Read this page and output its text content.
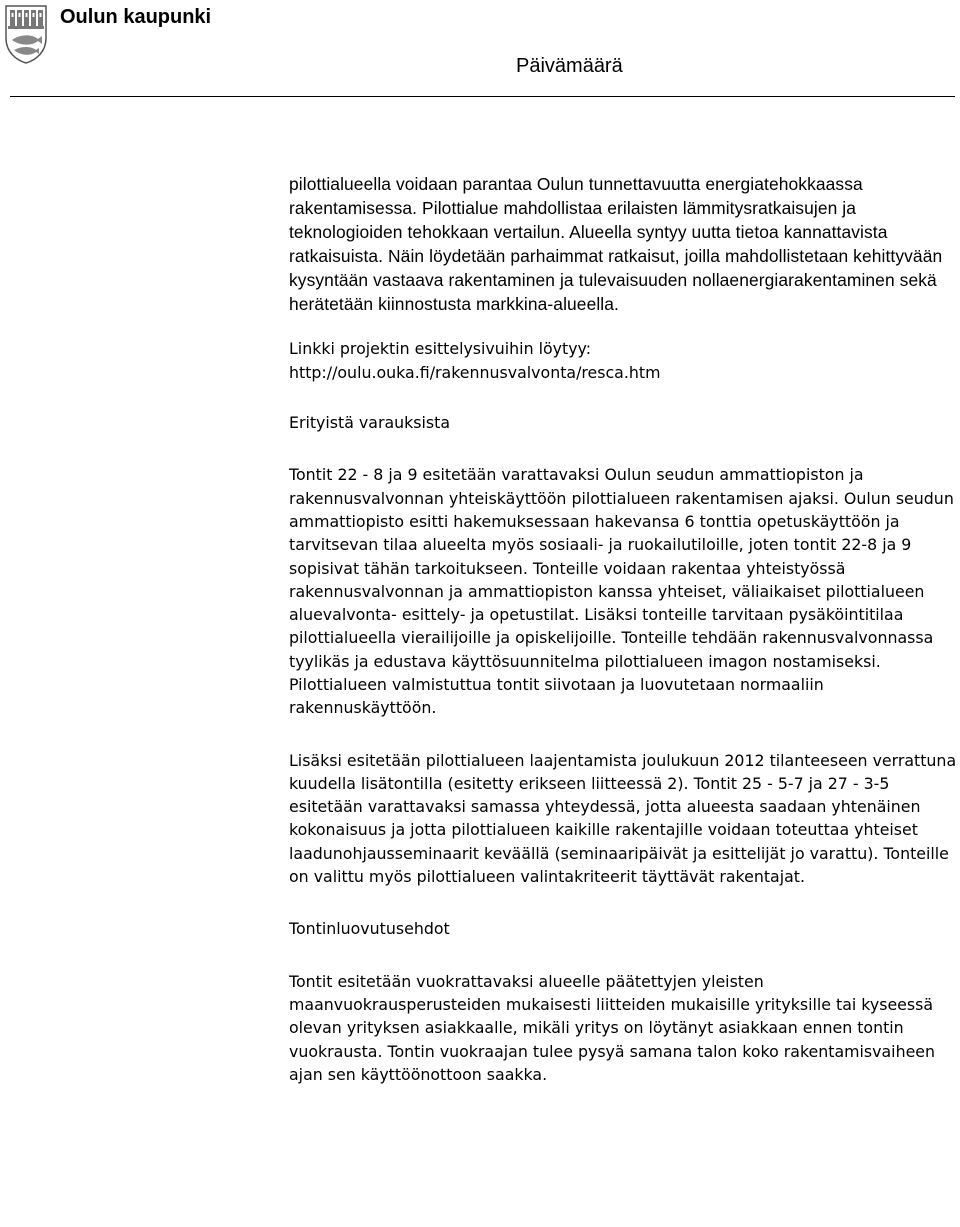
Oulun kaupunki
Päivämäärä

pilottialueella voidaan parantaa Oulun tunnettavuutta energiatehokkaassa rakentamisessa. Pilottialue mahdollistaa erilaisten lämmitysratkaisujen ja teknologioiden tehokkaan vertailun. Alueella syntyy uutta tietoa kannattavista ratkaisuista. Näin löydetään parhaimmat ratkaisut, joilla mahdollistetaan kehittyvään kysyntään vastaava rakentaminen ja tulevaisuuden nollaenergiarakentaminen sekä herätetään kiinnostusta markkina-alueella.

Linkki projektin esittelysivuihin löytyy:

http://oulu.ouka.fi/rakennusvalvonta/resca.htm

Erityistä varauksista

Tontit 22 - 8 ja 9 esitetään varattavaksi Oulun seudun ammattiopiston ja rakennusvalvonnan yhteiskäyttöön pilottialueen rakentamisen ajaksi. Oulun seudun ammattiopisto esitti hakemuksessaan hakevansa 6 tonttia opetuskäyttöön ja tarvitsevan tilaa alueelta myös sosiaali- ja ruokailutiloille, joten tontit 22-8 ja 9 sopisivat tähän tarkoitukseen. Tonteille voidaan rakentaa yhteistyössä rakennusvalvonnan ja ammattiopiston kanssa yhteiset, väliaikaiset pilottialueen aluevalvonta- esittely- ja opetustilat. Lisäksi tonteille tarvitaan pysäköintitilaa pilottialueella vierailijoille ja opiskelijoille. Tonteille tehdään rakennusvalvonnassa tyylikäs ja edustava käyttösuunnitelma pilottialueen imagon nostamiseksi. Pilottialueen valmistuttua tontit siivotaan ja luovutetaan normaaliin rakennuskäyttöön.

Lisäksi esitetään pilottialueen laajentamista joulukuun 2012 tilanteeseen verrattuna kuudella lisätontilla (esitetty erikseen liitteessä 2). Tontit 25 - 5-7 ja 27 - 3-5 esitetään varattavaksi samassa yhteydessä, jotta alueesta saadaan yhtenäinen kokonaisuus ja jotta pilottialueen kaikille rakentajille voidaan toteuttaa yhteiset laadunohjausseminaarit keväällä (seminaaripäivät ja esittelijät jo varattu). Tonteille on valittu myös pilottialueen valintakriteerit täyttävät rakentajat.

Tontinluovutusehdot

Tontit esitetään vuokrattavaksi alueelle päätettyjen yleisten maanvuokrausperusteiden mukaisesti liitteiden mukaisille yrityksille tai kyseessä olevan yrityksen asiakkaalle, mikäli yritys on löytänyt asiakkaan ennen tontin vuokrausta. Tontin vuokraajan tulee pysyä samana talon koko rakentamisvaiheen ajan sen käyttöönottoon saakka.
